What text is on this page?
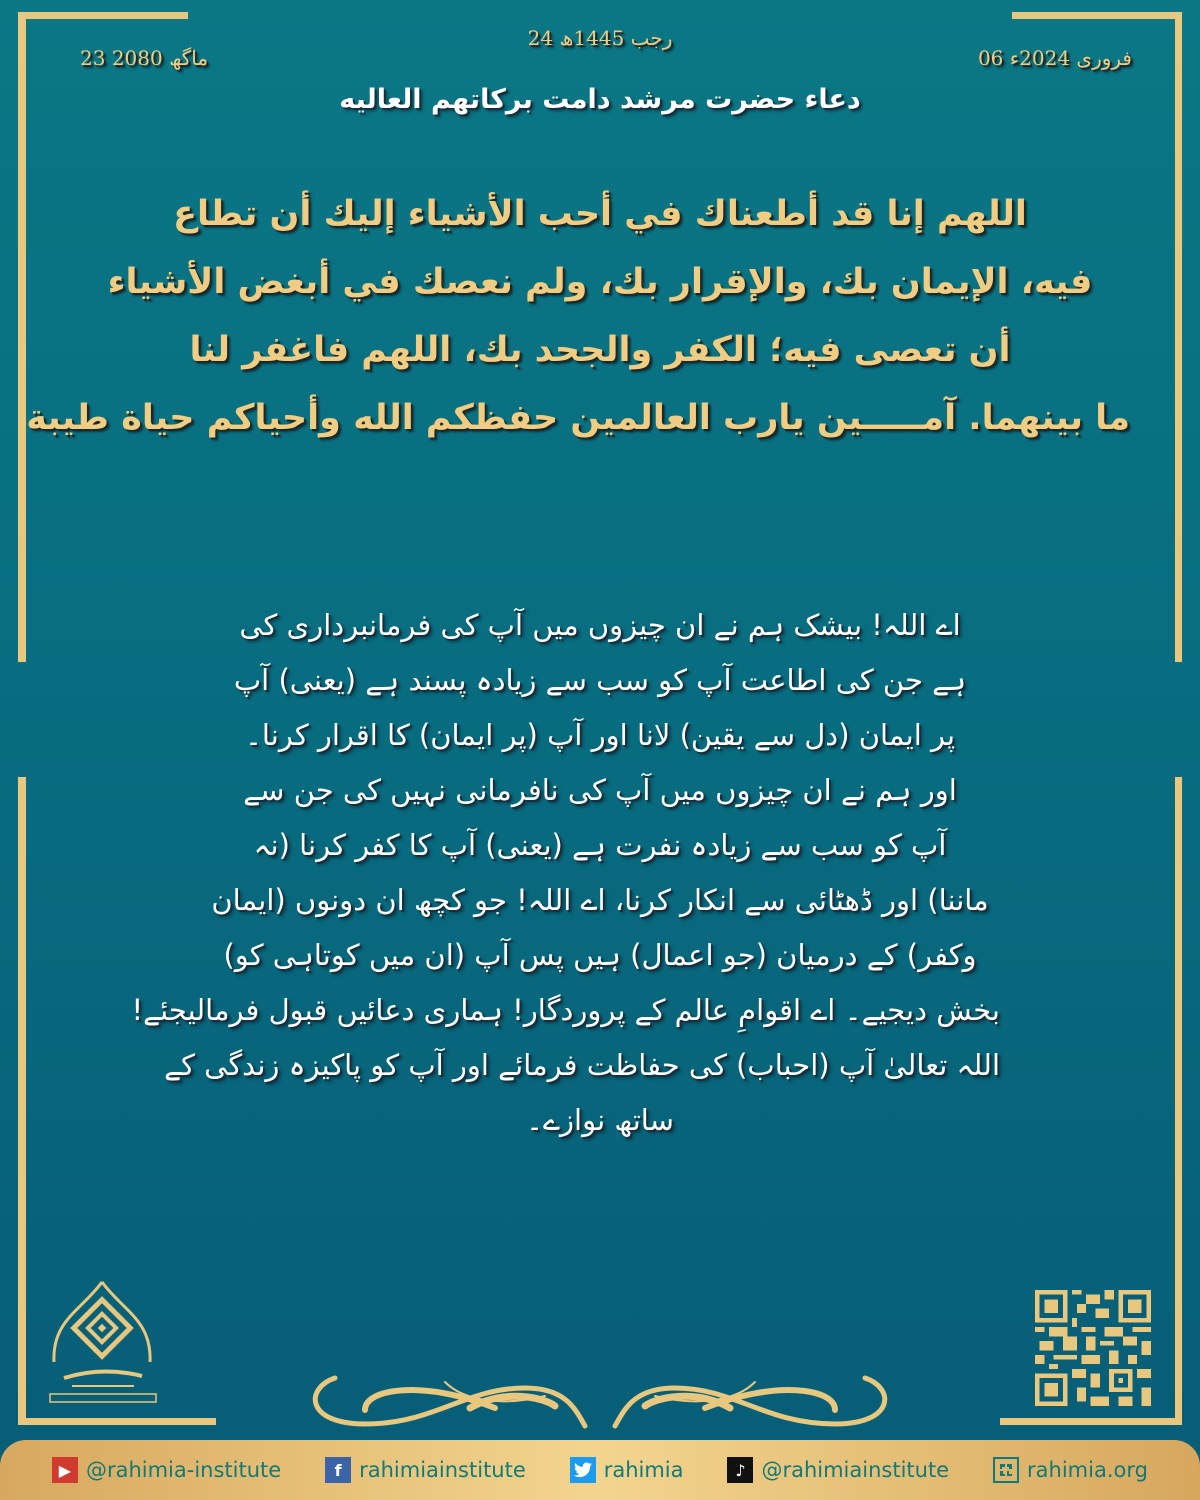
23 ماگھ 2080
24 رجب 1445ھ
06 فروری 2024ء
دعاء حضرت مرشد دامت برکاتهم العالیه
اللهم إنا قد أطعناك في أحب الأشياء إليك أن تطاع
فيه، الإيمان بك، والإقرار بك، ولم نعصك في أبغض الأشياء
أن تعصى فيه؛ الكفر والجحد بك، اللهم فاغفر لنا
ما بينهما. آمـــــين يارب العالمين حفظكم الله وأحياكم حياة طيبة
اے اللہ! بیشک ہم نے ان چیزوں میں آپ کی فرمانبرداری کی
ہے جن کی اطاعت آپ کو سب سے زیادہ پسند ہے (یعنی) آپ
پر ایمان (دل سے یقین) لانا اور آپ (پر ایمان) کا اقرار کرنا۔
اور ہم نے ان چیزوں میں آپ کی نافرمانی نہیں کی جن سے
آپ کو سب سے زیادہ نفرت ہے (یعنی) آپ کا کفر کرنا (نہ
ماننا) اور ڈھٹائی سے انکار کرنا، اے اللہ! جو کچھ ان دونوں (ایمان
وکفر) کے درمیان (جو اعمال) ہیں پس آپ (ان میں کوتاہی کو)
بخش دیجیے۔ اے اقوامِ عالم کے پروردگار! ہماری دعائیں قبول فرمالیجئے!
اللہ تعالیٰ آپ (احباب) کی حفاظت فرمائے اور آپ کو پاکیزہ زندگی کے
ساتھ نوازے۔
▶ @rahimia-institute	f rahimiainstitute	rahimia	♪ @rahimiainstitute	rahimia.org
